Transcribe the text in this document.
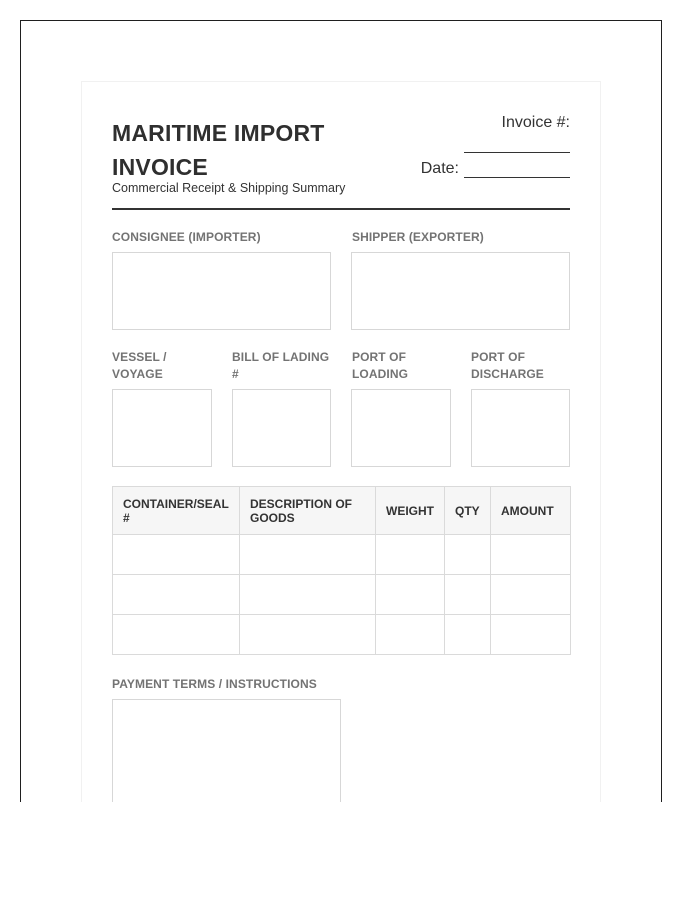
MARITIME IMPORT INVOICE
Commercial Receipt & Shipping Summary
Invoice #:
Date:
CONSIGNEE (IMPORTER)	SHIPPER (EXPORTER)
VESSEL / VOYAGE
BILL OF LADING #
PORT OF LOADING
PORT OF DISCHARGE
CONTAINER/SEAL #	DESCRIPTION OF GOODS	WEIGHT	QTY	AMOUNT

PAYMENT TERMS / INSTRUCTIONS
